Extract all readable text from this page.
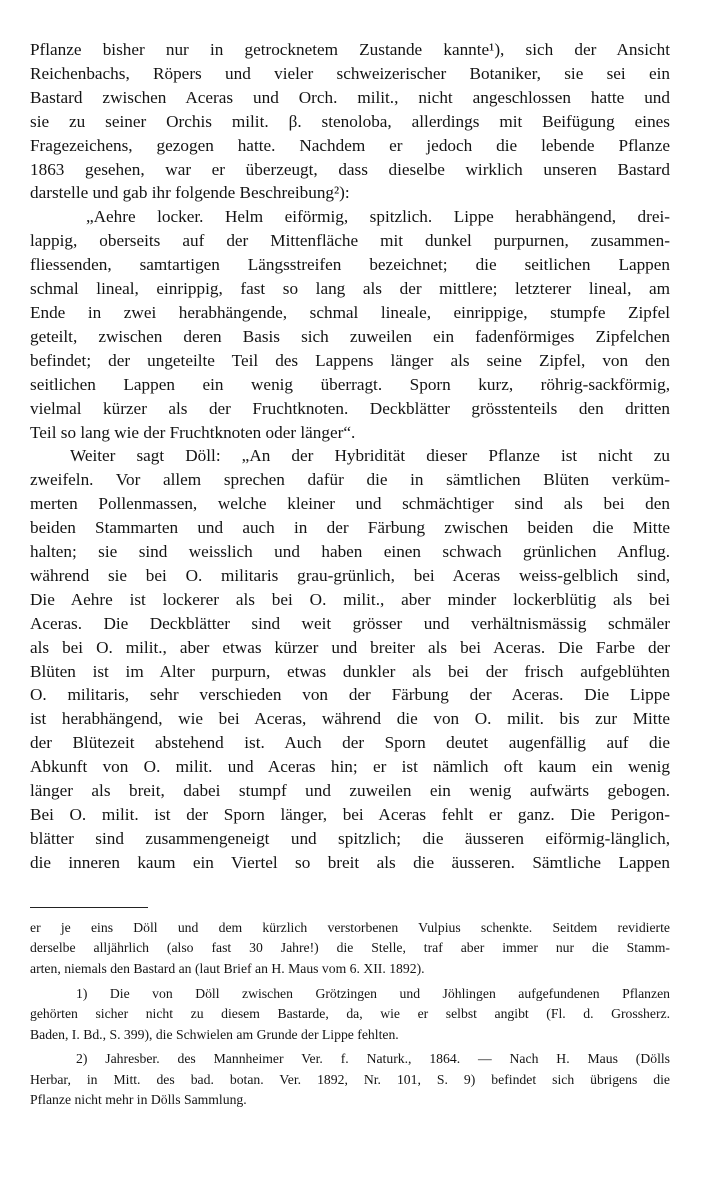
Pflanze bisher nur in getrocknetem Zustande kannte¹), sich der Ansicht

Reichenbachs, Röpers und vieler schweizerischer Botaniker, sie sei ein

Bastard zwischen Aceras und Orch. milit., nicht angeschlossen hatte und

sie zu seiner Orchis milit. β. stenoloba, allerdings mit Beifügung eines

Fragezeichens, gezogen hatte. Nachdem er jedoch die lebende Pflanze

1863 gesehen, war er überzeugt, dass dieselbe wirklich unseren Bastard

darstelle und gab ihr folgende Beschreibung²):

„Aehre locker. Helm eiförmig, spitzlich. Lippe herabhängend, drei-

lappig, oberseits auf der Mittenfläche mit dunkel purpurnen, zusammen-

fliessenden, samtartigen Längsstreifen bezeichnet; die seitlichen Lappen

schmal lineal, einrippig, fast so lang als der mittlere; letzterer lineal, am

Ende in zwei herabhängende, schmal lineale, einrippige, stumpfe Zipfel

geteilt, zwischen deren Basis sich zuweilen ein fadenförmiges Zipfelchen

befindet; der ungeteilte Teil des Lappens länger als seine Zipfel, von den

seitlichen Lappen ein wenig überragt. Sporn kurz, röhrig-sackförmig,

vielmal kürzer als der Fruchtknoten. Deckblätter grösstenteils den dritten

Teil so lang wie der Fruchtknoten oder länger“.

Weiter sagt Döll: „An der Hybridität dieser Pflanze ist nicht zu

zweifeln. Vor allem sprechen dafür die in sämtlichen Blüten verküm-

merten Pollenmassen, welche kleiner und schmächtiger sind als bei den

beiden Stammarten und auch in der Färbung zwischen beiden die Mitte

halten; sie sind weisslich und haben einen schwach grünlichen Anflug.

während sie bei O. militaris grau-grünlich, bei Aceras weiss-gelblich sind,

Die Aehre ist lockerer als bei O. milit., aber minder lockerblütig als bei

Aceras. Die Deckblätter sind weit grösser und verhältnismässig schmäler

als bei O. milit., aber etwas kürzer und breiter als bei Aceras. Die Farbe der

Blüten ist im Alter purpurn, etwas dunkler als bei der frisch aufgeblühten

O. militaris, sehr verschieden von der Färbung der Aceras. Die Lippe

ist herabhängend, wie bei Aceras, während die von O. milit. bis zur Mitte

der Blütezeit abstehend ist. Auch der Sporn deutet augenfällig auf die

Abkunft von O. milit. und Aceras hin; er ist nämlich oft kaum ein wenig

länger als breit, dabei stumpf und zuweilen ein wenig aufwärts gebogen.

Bei O. milit. ist der Sporn länger, bei Aceras fehlt er ganz. Die Perigon-

blätter sind zusammengeneigt und spitzlich; die äusseren eiförmig-länglich,

die inneren kaum ein Viertel so breit als die äusseren. Sämtliche Lappen

er je eins Döll und dem kürzlich verstorbenen Vulpius schenkte. Seitdem revidierte

derselbe alljährlich (also fast 30 Jahre!) die Stelle, traf aber immer nur die Stamm-

arten, niemals den Bastard an (laut Brief an H. Maus vom 6. XII. 1892).

1) Die von Döll zwischen Grötzingen und Jöhlingen aufgefundenen Pflanzen

gehörten sicher nicht zu diesem Bastarde, da, wie er selbst angibt (Fl. d. Grossherz.

Baden, I. Bd., S. 399), die Schwielen am Grunde der Lippe fehlten.

2) Jahresber. des Mannheimer Ver. f. Naturk., 1864. — Nach H. Maus (Dölls

Herbar, in Mitt. des bad. botan. Ver. 1892, Nr. 101, S. 9) befindet sich übrigens die

Pflanze nicht mehr in Dölls Sammlung.
